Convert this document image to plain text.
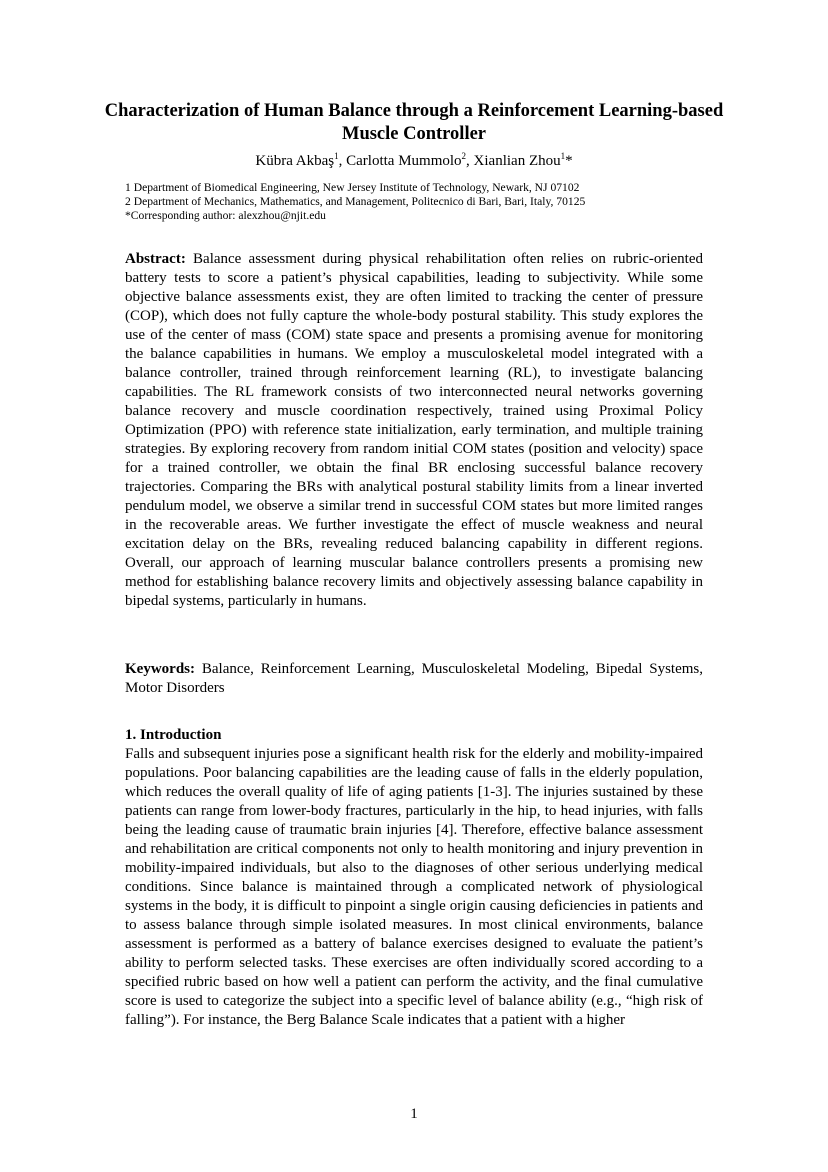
Characterization of Human Balance through a Reinforcement Learning-based Muscle Controller
Kübra Akbaş$^1$, Carlotta Mummolo$^2$, Xianlian Zhou$^1$*
1 Department of Biomedical Engineering, New Jersey Institute of Technology, Newark, NJ 07102
2 Department of Mechanics, Mathematics, and Management, Politecnico di Bari, Bari, Italy, 70125
*Corresponding author: alexzhou@njit.edu

Abstract: Balance assessment during physical rehabilitation often relies on rubric-oriented battery tests to score a patient’s physical capabilities, leading to subjectivity. While some objective balance assessments exist, they are often limited to tracking the center of pressure (COP), which does not fully capture the whole-body postural stability. This study explores the use of the center of mass (COM) state space and presents a promising avenue for monitoring the balance capabilities in humans. We employ a musculoskeletal model integrated with a balance controller, trained through reinforcement learning (RL), to investigate balancing capabilities. The RL framework consists of two interconnected neural networks governing balance recovery and muscle coordination respectively, trained using Proximal Policy Optimization (PPO) with reference state initialization, early termination, and multiple training strategies. By exploring recovery from random initial COM states (position and velocity) space for a trained controller, we obtain the final BR enclosing successful balance recovery trajectories. Comparing the BRs with analytical postural stability limits from a linear inverted pendulum model, we observe a similar trend in successful COM states but more limited ranges in the recoverable areas. We further investigate the effect of muscle weakness and neural excitation delay on the BRs, revealing reduced balancing capability in different regions. Overall, our approach of learning muscular balance controllers presents a promising new method for establishing balance recovery limits and objectively assessing balance capability in bipedal systems, particularly in humans.

Keywords: Balance, Reinforcement Learning, Musculoskeletal Modeling, Bipedal Systems, Motor Disorders

1. Introduction

Falls and subsequent injuries pose a significant health risk for the elderly and mobility-impaired populations. Poor balancing capabilities are the leading cause of falls in the elderly population, which reduces the overall quality of life of aging patients [1-3]. The injuries sustained by these patients can range from lower-body fractures, particularly in the hip, to head injuries, with falls being the leading cause of traumatic brain injuries [4]. Therefore, effective balance assessment and rehabilitation are critical components not only to health monitoring and injury prevention in mobility-impaired individuals, but also to the diagnoses of other serious underlying medical conditions. Since balance is maintained through a complicated network of physiological systems in the body, it is difficult to pinpoint a single origin causing deficiencies in patients and to assess balance through simple isolated measures. In most clinical environments, balance assessment is performed as a battery of balance exercises designed to evaluate the patient’s ability to perform selected tasks. These exercises are often individually scored according to a specified rubric based on how well a patient can perform the activity, and the final cumulative score is used to categorize the subject into a specific level of balance ability (e.g., “high risk of falling”). For instance, the Berg Balance Scale indicates that a patient with a higher

1
